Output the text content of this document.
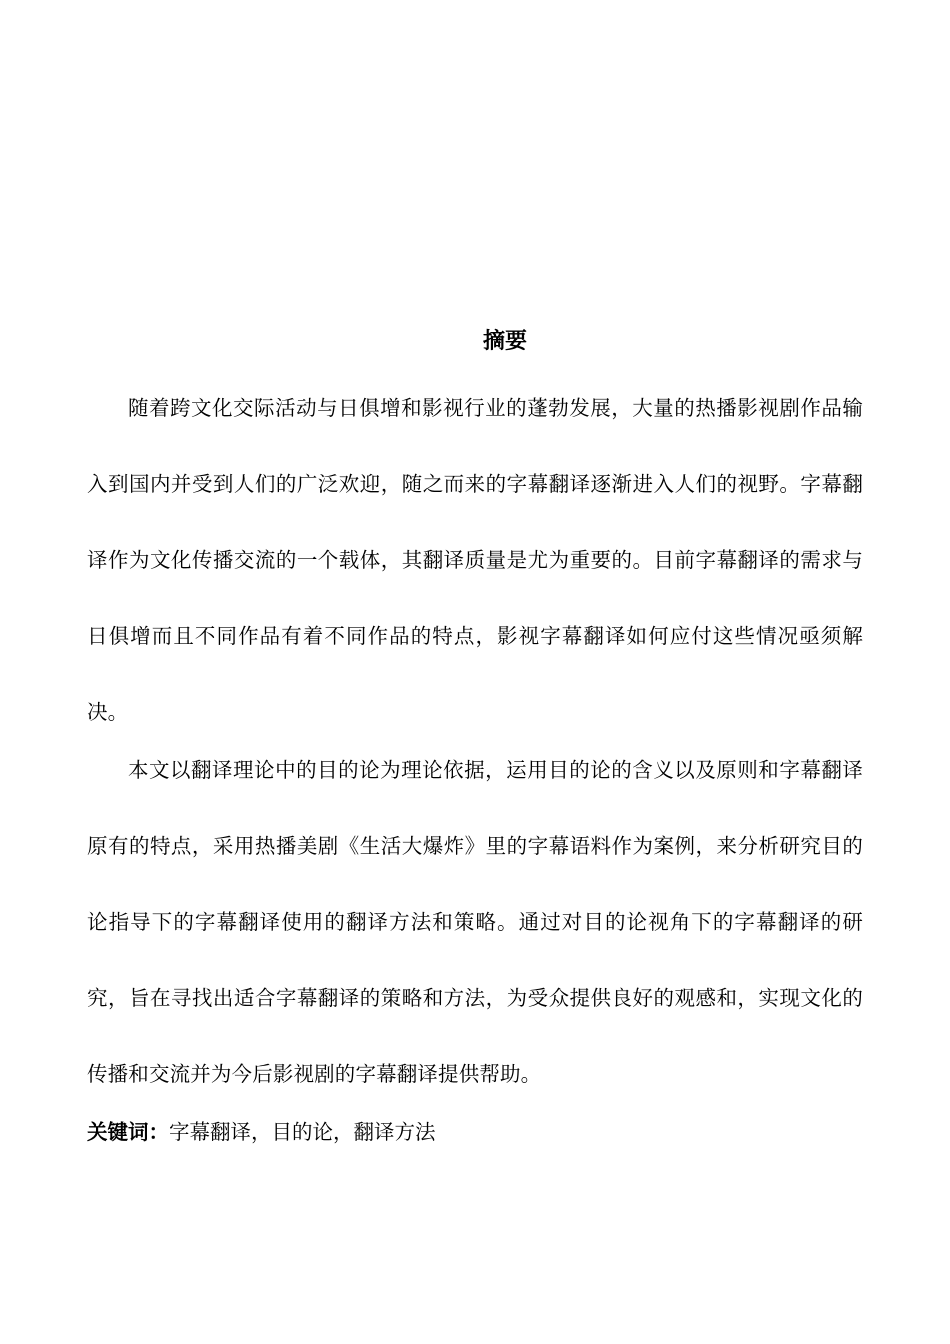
摘要

随着跨文化交际活动与日俱增和影视行业的蓬勃发展，大量的热播影视剧作品输入到国内并受到人们的广泛欢迎，随之而来的字幕翻译逐渐进入人们的视野。字幕翻译作为文化传播交流的一个载体，其翻译质量是尤为重要的。目前字幕翻译的需求与日俱增而且不同作品有着不同作品的特点，影视字幕翻译如何应付这些情况亟须解决。

本文以翻译理论中的目的论为理论依据，运用目的论的含义以及原则和字幕翻译原有的特点，采用热播美剧《生活大爆炸》里的字幕语料作为案例，来分析研究目的论指导下的字幕翻译使用的翻译方法和策略。通过对目的论视角下的字幕翻译的研究，旨在寻找出适合字幕翻译的策略和方法，为受众提供良好的观感和，实现文化的传播和交流并为今后影视剧的字幕翻译提供帮助。

关键词：字幕翻译，目的论，翻译方法
